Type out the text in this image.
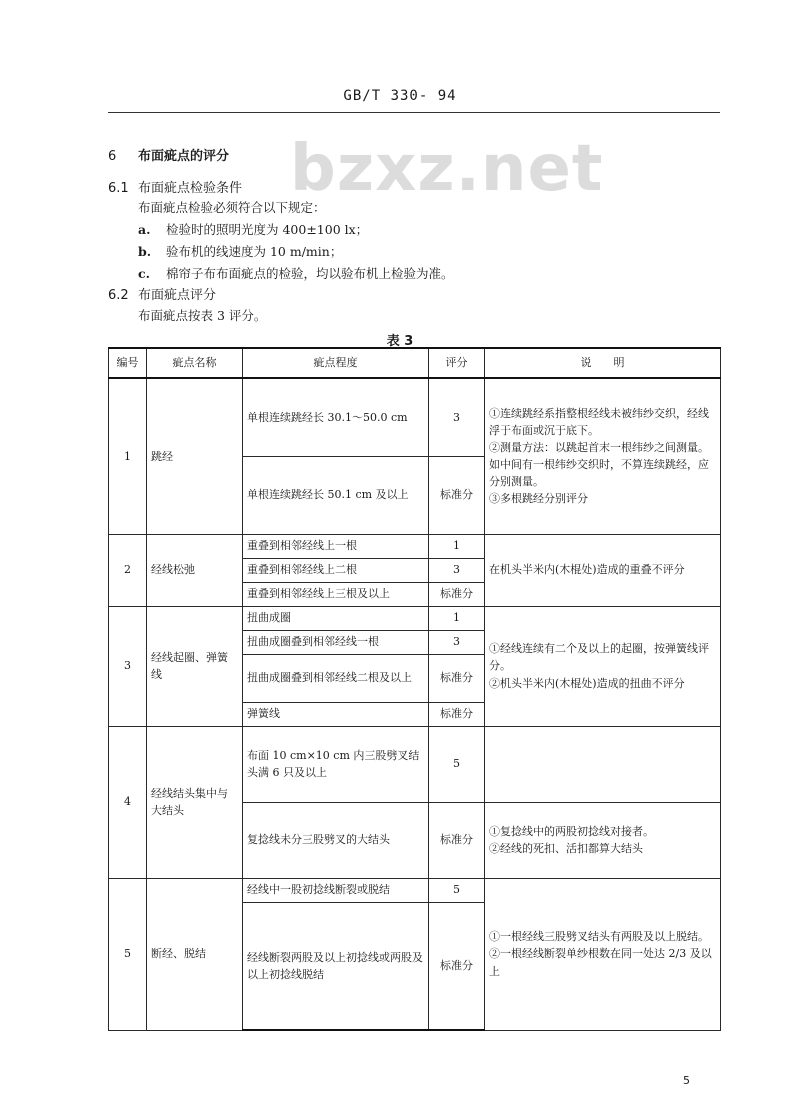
GB/T 330- 94
bzxz.net
6 布面疵点的评分
6.1 布面疵点检验条件
布面疵点检验必须符合以下规定：
a. 检验时的照明光度为 400±100 lx；
b. 验布机的线速度为 10 m/min；
c. 棉帘子布布面疵点的检验，均以验布机上检验为准。
6.2 布面疵点评分
布面疵点按表 3 评分。
表 3
编号	疵点名称	疵点程度	评分	说　　明
1	跳经	单根连续跳经长 30.1～50.0 cm	3	①连续跳经系指整根经线未被纬纱交织，经线浮于布面或沉于底下。
②测量方法：以跳起首末一根纬纱之间测量。如中间有一根纬纱交织时，不算连续跳经，应分别测量。
③多根跳经分别评分

		单根连续跳经长 50.1 cm 及以上	标准分	
2	经线松弛	重叠到相邻经线上一根	1	在机头半米内(木棍处)造成的重叠不评分
		重叠到相邻经线上二根	3	
		重叠到相邻经线上三根及以上	标准分	
3	经线起圈、弹簧线	扭曲成圈	1	①经线连续有二个及以上的起圈，按弹簧线评分。
②机头半米内(木棍处)造成的扭曲不评分

		扭曲成圈叠到相邻经线一根	3	
		扭曲成圈叠到相邻经线二根及以上	标准分	
		弹簧线	标准分	
4	经线结头集中与大结头	布面 10 cm×10 cm 内三股劈叉结头满 6 只及以上	5	
		复捻线未分三股劈叉的大结头	标准分	①复捻线中的两股初捻线对接者。
②经线的死扣、活扣都算大结头

5	断经、脱结	经线中一股初捻线断裂或脱结	5	①一根经线三股劈叉结头有两股及以上脱结。
②一根经线断裂单纱根数在同一处达 2/3 及以上

		经线断裂两股及以上初捻线或两股及以上初捻线脱结	标准分	
5
